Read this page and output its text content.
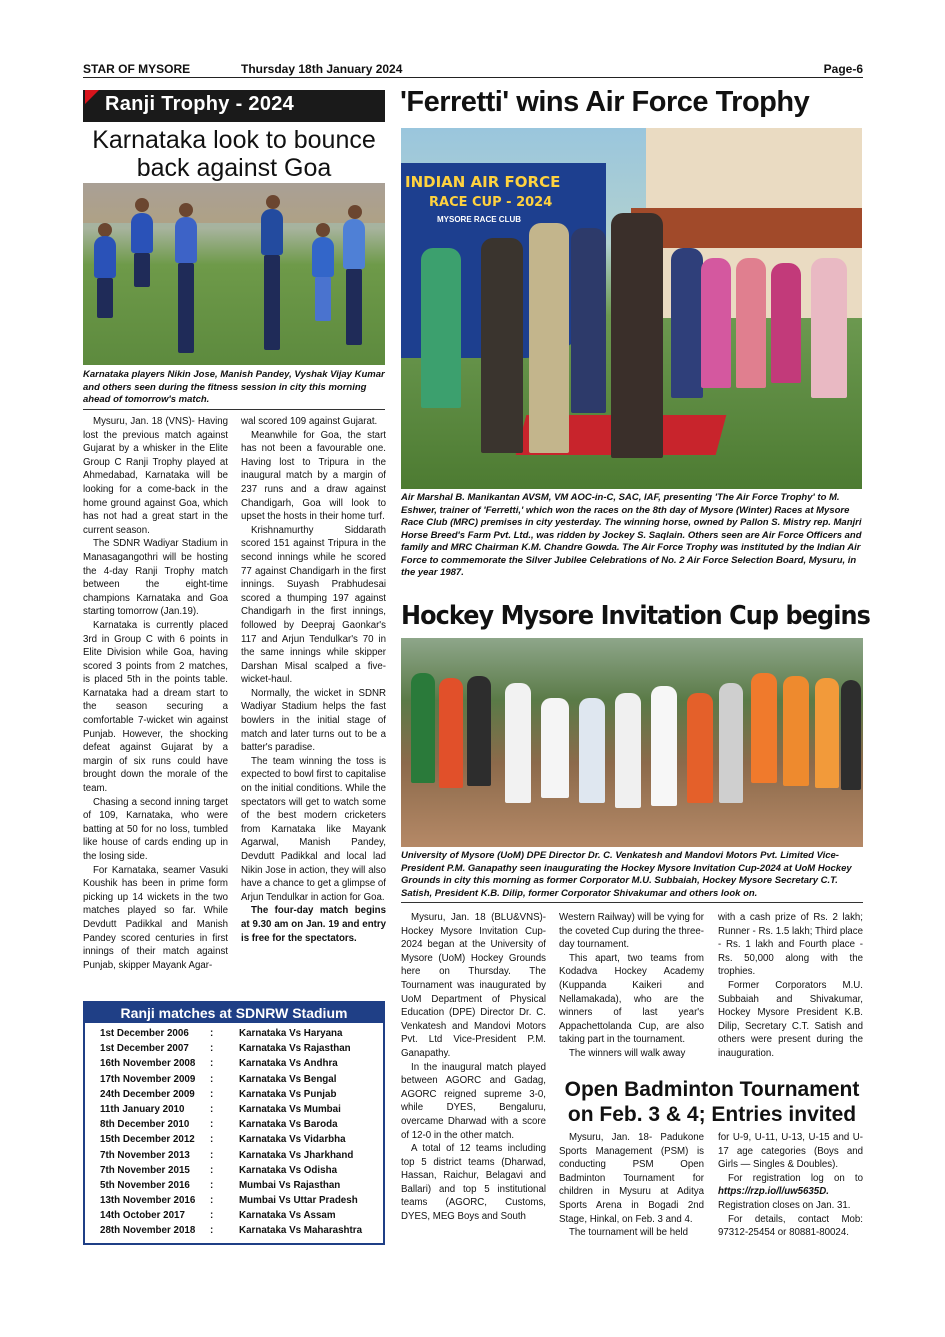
STAR OF MYSORE	Thursday 18th January 2024	Page-6
Ranji Trophy - 2024
Karnataka look to bounce back against Goa
Karnataka players Nikin Jose, Manish Pandey, Vyshak Vijay Kumar and others seen during the fitness session in city this morning ahead of tomorrow's match.

Mysuru, Jan. 18 (VNS)- Having lost the previous match against Gujarat by a whisker in the Elite Group C Ranji Trophy played at Ahmedabad, Karnataka will be looking for a come-back in the home ground against Goa, which has not had a great start in the current season.

The SDNR Wadiyar Stadium in Manasagangothri will be hosting the 4-day Ranji Trophy match between the eight-time champions Karnataka and Goa starting tomorrow (Jan.19).

Karnataka is currently placed 3rd in Group C with 6 points in Elite Division while Goa, having scored 3 points from 2 matches, is placed 5th in the points table. Karnataka had a dream start to the season securing a comfortable 7-wicket win against Punjab. However, the shocking defeat against Gujarat by a margin of six runs could have brought down the morale of the team.

Chasing a second inning target of 109, Karnataka, who were batting at 50 for no loss, tumbled like house of cards ending up in the losing side.

For Karnataka, seamer Vasuki Koushik has been in prime form picking up 14 wickets in the two matches played so far. While Devdutt Padikkal and Manish Pandey scored centuries in first innings of their match against Punjab, skipper Mayank Agar-

wal scored 109 against Gujarat.

Meanwhile for Goa, the start has not been a favourable one. Having lost to Tripura in the inaugural match by a margin of 237 runs and a draw against Chandigarh, Goa will look to upset the hosts in their home turf.

Krishnamurthy Siddarath scored 151 against Tripura in the second innings while he scored 77 against Chandigarh in the first innings. Suyash Prabhudesai scored a thumping 197 against Chandigarh in the first innings, followed by Deepraj Gaonkar's 117 and Arjun Tendulkar's 70 in the same innings while skipper Darshan Misal scalped a five-wicket-haul.

Normally, the wicket in SDNR Wadiyar Stadium helps the fast bowlers in the initial stage of match and later turns out to be a batter's paradise.

The team winning the toss is expected to bowl first to capitalise on the initial conditions. While the spectators will get to watch some of the best modern cricketers from Karnataka like Mayank Agarwal, Manish Pandey, Devdutt Padikkal and local lad Nikin Jose in action, they will also have a chance to get a glimpse of Arjun Tendulkar in action for Goa.

The four-day match begins at 9.30 am on Jan. 19 and entry is free for the spectators.

Ranji matches at SDNRW Stadium
1st December 2006 :	Karnataka Vs Haryana
1st December 2007 :	Karnataka Vs Rajasthan
16th November 2008 :	Karnataka Vs Andhra
17th November 2009 :	Karnataka Vs Bengal
24th December 2009 :	Karnataka Vs Punjab
11th January 2010	:	Karnataka Vs Mumbai
8th December 2010 :	Karnataka Vs Baroda
15th December 2012 :	Karnataka Vs Vidarbha
7th November 2013 :	Karnataka Vs Jharkhand
7th November 2015 :	Karnataka Vs Odisha
5th November 2016 :	Mumbai Vs Rajasthan
13th November 2016 :	Mumbai Vs Uttar Pradesh
14th October 2017	:	Karnataka Vs Assam
28th November 2018 :	Karnataka Vs Maharashtra
'Ferretti' wins Air Force Trophy
INDIAN AIR FORCE
RACE CUP - 2024
MYSORE RACE CLUB
Air Marshal B. Manikantan AVSM, VM AOC-in-C, SAC, IAF, presenting 'The Air Force Trophy' to M. Eshwer, trainer of 'Ferretti,' which won the races on the 8th day of Mysore (Winter) Races at Mysore Race Club (MRC) premises in city yesterday. The winning horse, owned by Pallon S. Mistry rep. Manjri Horse Breed's Farm Pvt. Ltd., was ridden by Jockey S. Saqlain. Others seen are Air Force Officers and family and MRC Chairman K.M. Chandre Gowda. The Air Force Trophy was instituted by the Indian Air Force to commemorate the Silver Jubilee Celebrations of No. 2 Air Force Selection Board, Mysuru, in the year 1987.
Hockey Mysore Invitation Cup begins
University of Mysore (UoM) DPE Director Dr. C. Venkatesh and Mandovi Motors Pvt. Limited Vice-President P.M. Ganapathy seen inaugurating the Hockey Mysore Invitation Cup-2024 at UoM Hockey Grounds in city this morning as former Corporator M.U. Subbaiah, Hockey Mysore Secretary C.T. Satish, President K.B. Dilip, former Corporator Shivakumar and others look on.

Mysuru, Jan. 18 (BLU&VNS)- Hockey Mysore Invitation Cup-2024 began at the University of Mysore (UoM) Hockey Grounds here on Thursday. The Tournament was inaugurated by UoM Department of Physical Education (DPE) Director Dr. C. Venkatesh and Mandovi Motors Pvt. Ltd Vice-President P.M. Ganapathy.

In the inaugural match played between AGORC and Gadag, AGORC reigned supreme 3-0, while DYES, Bengaluru, overcame Dharwad with a score of 12-0 in the other match.

A total of 12 teams including top 5 district teams (Dharwad, Hassan, Raichur, Belagavi and Ballari) and top 5 institutional teams (AGORC, Customs, DYES, MEG Boys and South

Western Railway) will be vying for the coveted Cup during the three-day tournament.

This apart, two teams from Kodadva Hockey Academy (Kuppanda Kaikeri and Nellamakada), who are the winners of last year's Appachettolanda Cup, are also taking part in the tournament.

The winners will walk away

with a cash prize of Rs. 2 lakh; Runner - Rs. 1.5 lakh; Third place - Rs. 1 lakh and Fourth place - Rs. 50,000 along with the trophies.

Former Corporators M.U. Subbaiah and Shivakumar, Hockey Mysore President K.B. Dilip, Secretary C.T. Satish and others were present during the inauguration.

Open Badminton Tournament on Feb. 3 & 4; Entries invited

Mysuru, Jan. 18- Padukone Sports Management (PSM) is conducting PSM Open Badminton Tournament for children in Mysuru at Aditya Sports Arena in Bogadi 2nd Stage, Hinkal, on Feb. 3 and 4.

The tournament will be held

for U-9, U-11, U-13, U-15 and U-17 age categories (Boys and Girls — Singles & Doubles).

For registration log on to https://rzp.io/l/uw5635D. Registration closes on Jan. 31.

For details, contact Mob: 97312-25454 or 80881-80024.
